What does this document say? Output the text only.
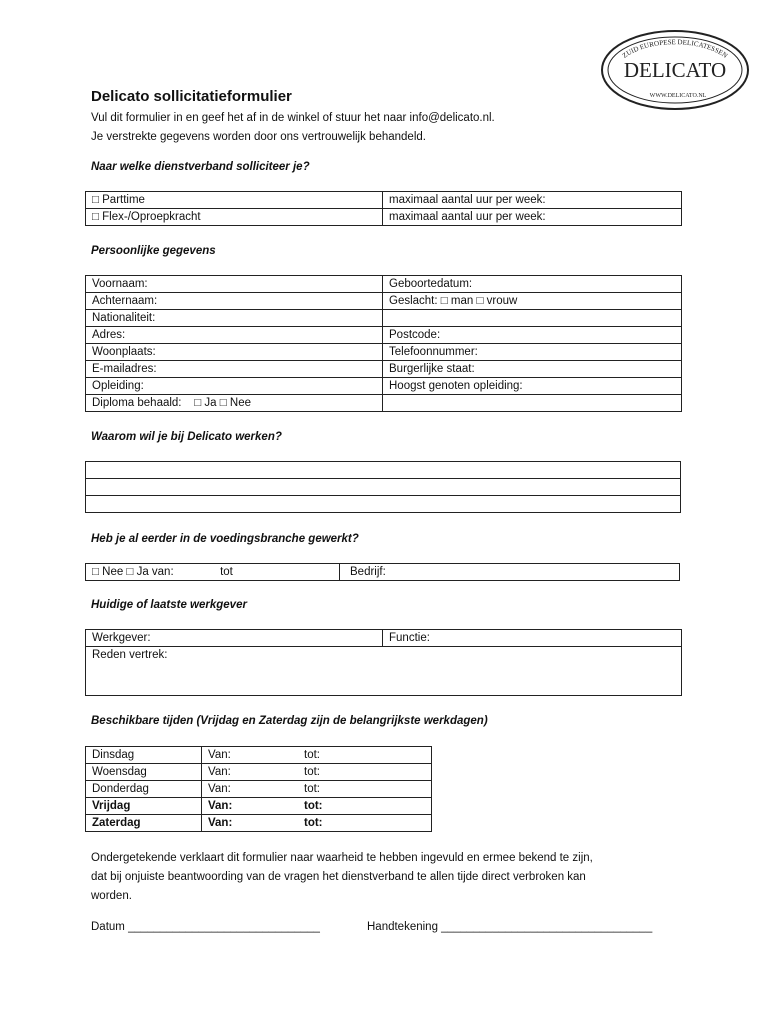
ZUID EUROPESE DELICATESSEN
DELICATO
WWW.DELICATO.NL
Delicato sollicitatieformulier
Vul dit formulier in en geef het af in de winkel of stuur het naar info@delicato.nl.
Je verstrekte gegevens worden door ons vertrouwelijk behandeld.
Naar welke dienstverband solliciteer je?
□ Parttime	maximaal aantal uur per week:
□ Flex-/Oproepkracht	maximaal aantal uur per week:
Persoonlijke gegevens
Voornaam:	Geboortedatum:
Achternaam:	Geslacht: □ man □ vrouw
Nationaliteit:	
Adres:	Postcode:
Woonplaats:	Telefoonnummer:
E-mailadres:	Burgerlijke staat:
Opleiding:	Hoogst genoten opleiding:
Diploma behaald:    □ Ja □ Nee	
Waarom wil je bij Delicato werken?

Heb je al eerder in de voedingsbranche gewerkt?
□ Nee □ Ja van:	tot	Bedrijf:
Huidige of laatste werkgever
Werkgever:	Functie:
Reden vertrek:
Beschikbare tijden (Vrijdag en Zaterdag zijn de belangrijkste werkdagen)
Dinsdag	Van: tot:
Woensdag	Van: tot:
Donderdag	Van: tot:
Vrijdag	Van: tot:
Zaterdag	Van: tot:
Ondergetekende verklaart dit formulier naar waarheid te hebben ingevuld en ermee bekend te zijn,
dat bij onjuiste beantwoording van de vragen het dienstverband te allen tijde direct verbroken kan
worden.
Datum ______________________________	Handtekening _________________________________
